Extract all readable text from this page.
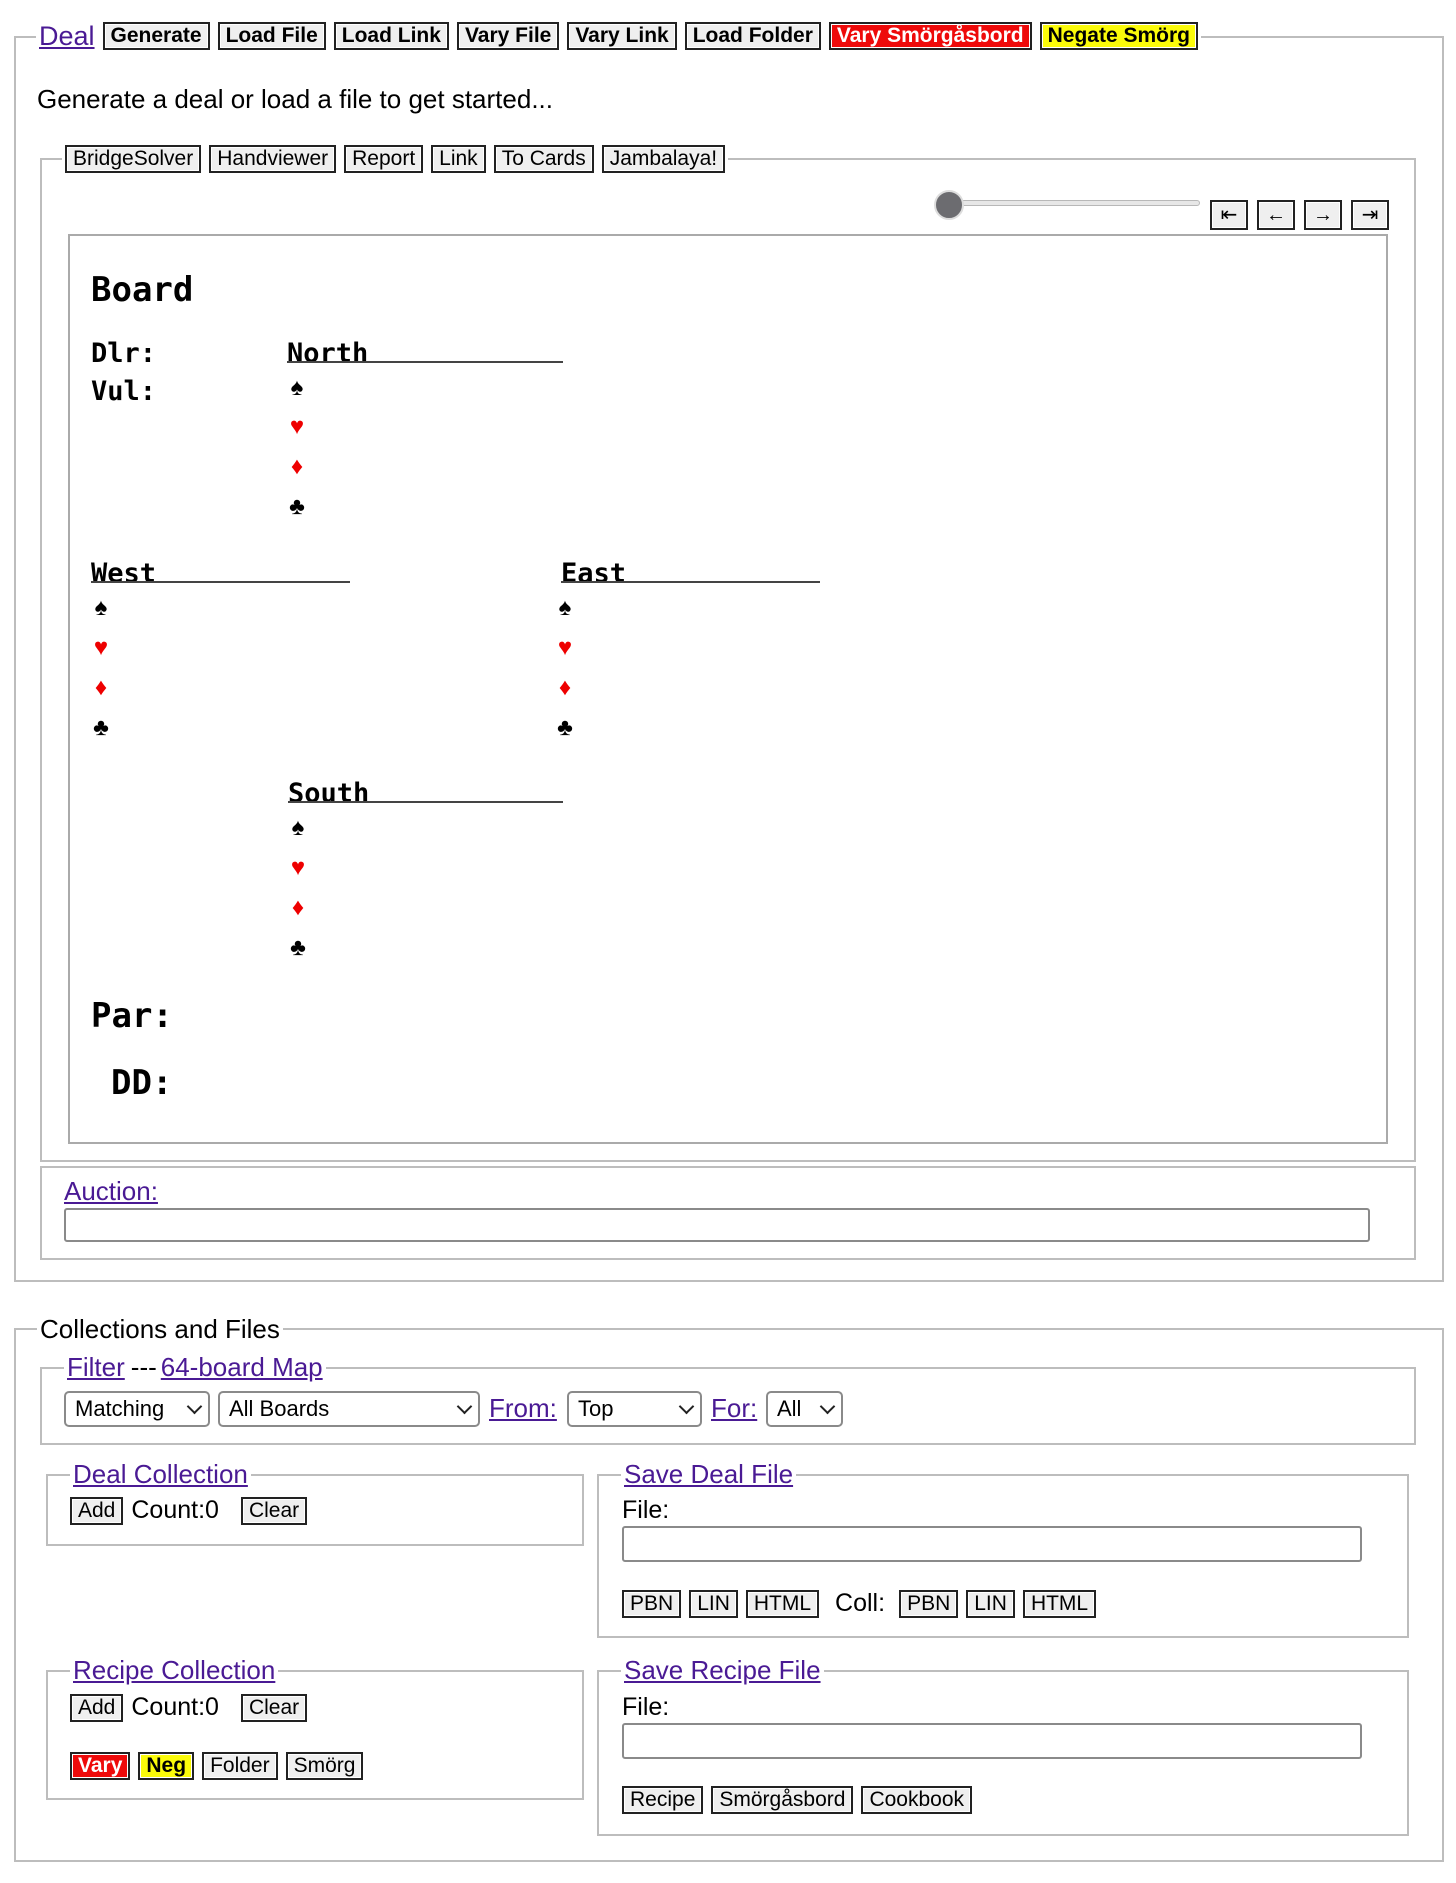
Deal Generate	Load File	Load Link	Vary File	Vary Link	Load Folder	Vary Smörgåsbord	Negate Smörg
Generate a deal or load a file to get started...
BridgeSolver	Handviewer	Report	Link	To Cards	Jambalaya!
⇤	←	→	⇥
Board
Dlr:
Vul:
North
♠
♥
♦
♣
West
♠
♥
♦
♣
East
♠
♥
♦
♣
South
♠
♥
♦
♣
Par:
DD:
Auction:
Collections and Files
Filter --- 64-board Map
Matching	All Boards	From: Top	For: All
Deal Collection
Add Count:0	Clear
Save Deal File
File:
PBN	LIN	HTML Coll:	PBN	LIN	HTML
Recipe Collection
Add Count:0	Clear
Vary	Neg	Folder	Smörg
Save Recipe File
File:
Recipe	Smörgåsbord	Cookbook
